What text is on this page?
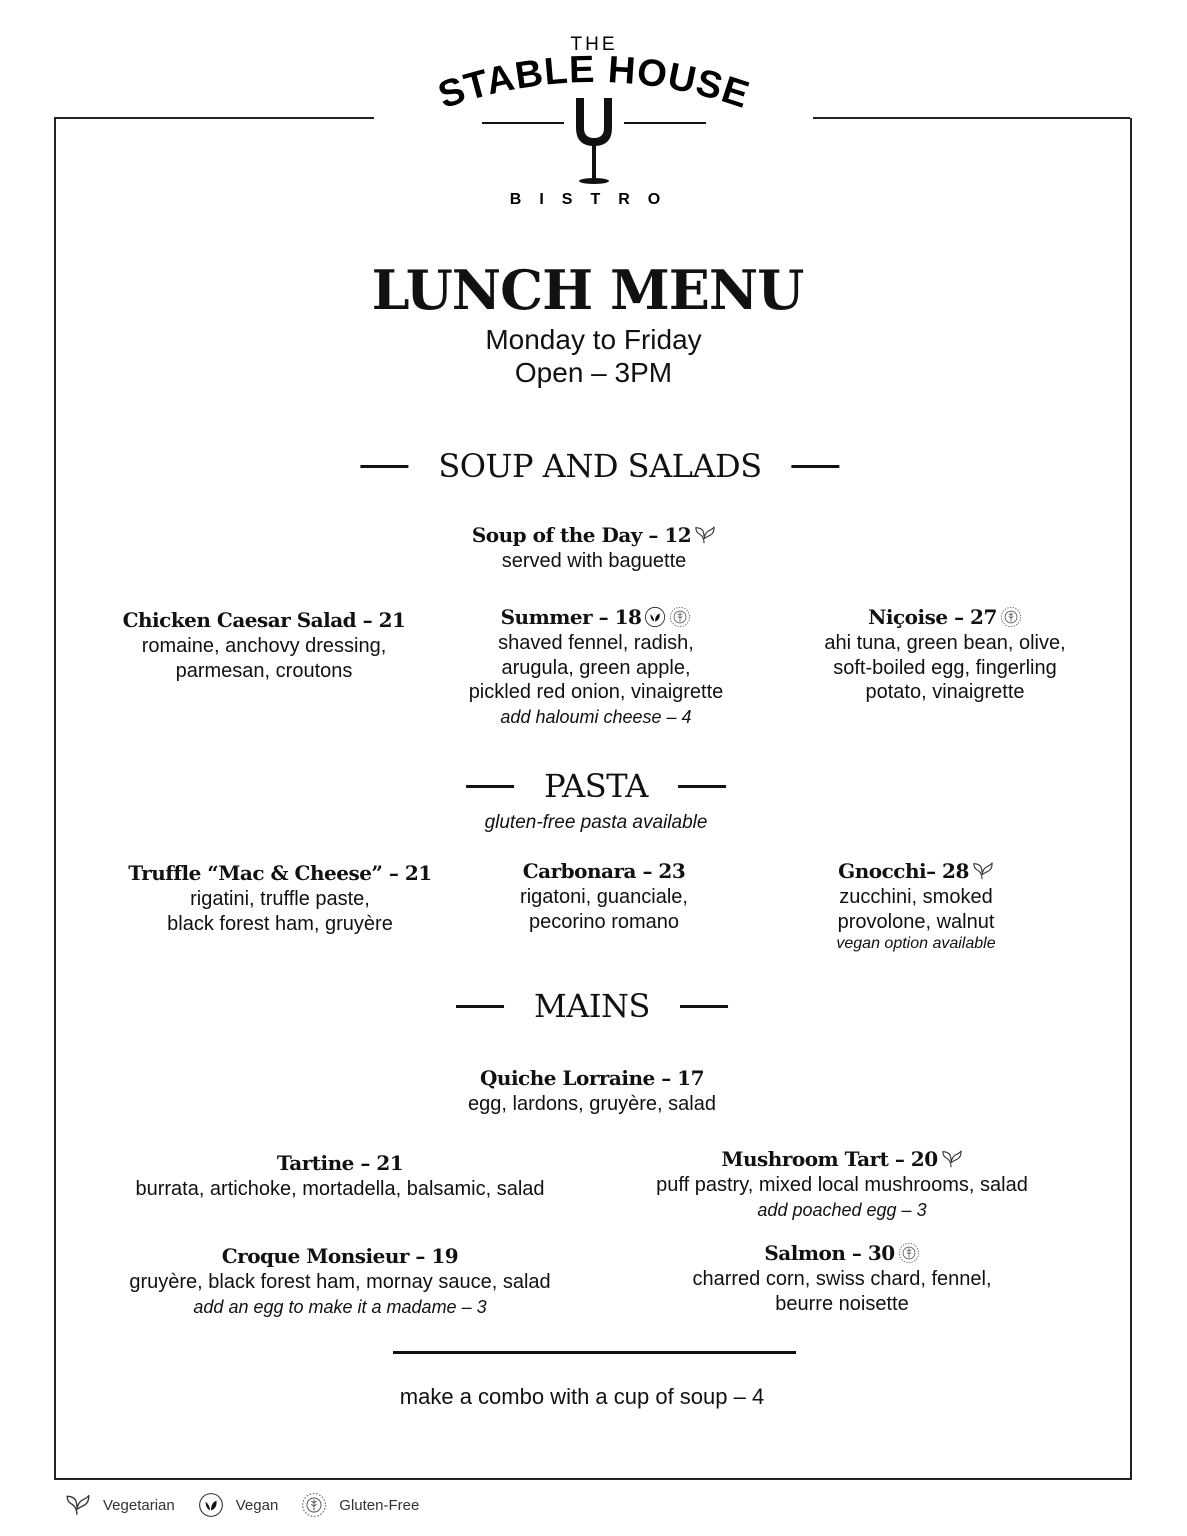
THE
STABLE HOUSE
BISTRO
LUNCH MENU
Monday to Friday
Open – 3PM
SOUP AND SALADS
Soup of the Day – 12
served with baguette
Chicken Caesar Salad – 21
romaine, anchovy dressing,
parmesan, croutons
Summer – 18
shaved fennel, radish,
arugula, green apple,
pickled red onion, vinaigrette
add haloumi cheese – 4
Niçoise – 27
ahi tuna, green bean, olive,
soft-boiled egg, fingerling
potato, vinaigrette
PASTA
gluten-free pasta available
Truffle “Mac & Cheese” – 21
rigatini, truffle paste,
black forest ham, gruyère
Carbonara – 23
rigatoni, guanciale,
pecorino romano
Gnocchi– 28
zucchini, smoked
provolone, walnut
vegan option available
MAINS
Quiche Lorraine – 17
egg, lardons, gruyère, salad
Tartine – 21
burrata, artichoke, mortadella, balsamic, salad
Mushroom Tart – 20
puff pastry, mixed local mushrooms, salad
add poached egg – 3
Croque Monsieur – 19
gruyère, black forest ham, mornay sauce, salad
add an egg to make it a madame – 3
Salmon – 30
charred corn, swiss chard, fennel,
beurre noisette
make a combo with a cup of soup – 4
Vegetarian	Vegan	Gluten-Free
